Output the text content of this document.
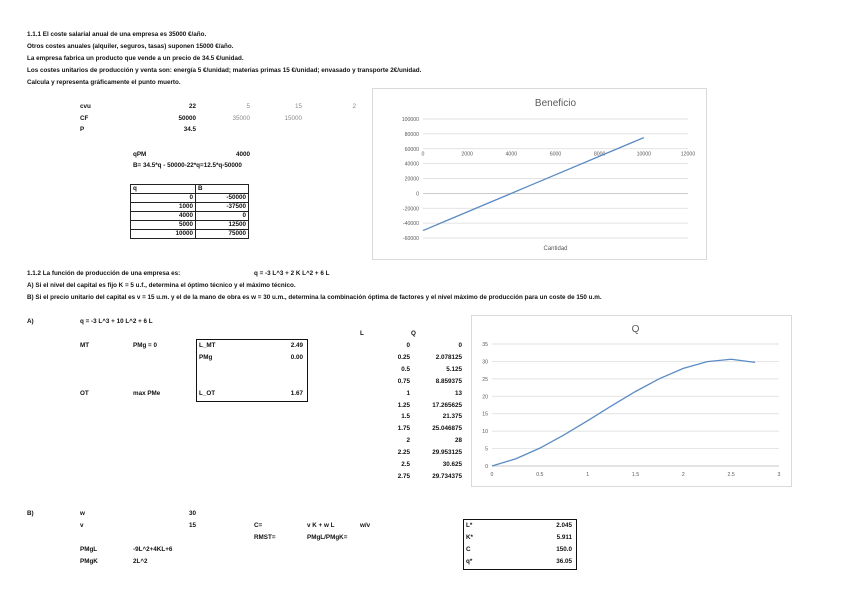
1.1.1 El coste salarial anual de una empresa es 35000 €/año.
Otros costes anuales (alquiler, seguros, tasas) suponen 15000 €/año.
La empresa fabrica un producto que vende a un precio de 34.5 €/unidad.
Los costes unitarios de producción y venta son: energía 5 €/unidad; materias primas 15 €/unidad; envasado y transporte 2€/unidad.
Calcula y representa gráficamente el punto muerto.
cvu	22	5	15	2
CF	50000	35000	15000
P	34.5
qPM	4000
B= 34.5*q - 50000-22*q=12.5*q-50000
q	B
0	-50000
1000	-37500
4000	0
5000	12500
10000	75000
Beneficio
100000
80000
60000
40000
20000
0
-20000
-40000
-60000
0	2000	4000	6000	8000	10000	12000
Cantidad
1.1.2 La función de producción de una empresa es:	q = -3 L^3 + 2 K L^2 + 6 L
A) Si el nivel del capital es fijo K = 5 u.f., determina el óptimo técnico y el máximo técnico.
B) Si el precio unitario del capital es v = 15 u.m. y el de la mano de obra es w = 30 u.m., determina la combinación óptima de factores y el nivel máximo de producción para un coste de 150 u.m.
A)	q = -3 L^3 + 10 L^2 + 6 L
MT	PMg = 0
OT	max PMe
L_MT	2.49
PMg	0.00
L_OT	1.67
L	Q
0	0
0.25	2.078125
0.5	5.125
0.75	8.859375
1	13
1.25	17.265625
1.5	21.375
1.75	25.046875
2	28
2.25	29.953125
2.5	30.625
2.75	29.734375
Q
35
30
25
20
15
10
5
0
0	0.5	1	1.5	2	2.5	3
B)	w	30
v	15	C=	v K + w L	w/v
RMST=	PMgL/PMgK=
PMgL	-9L^2+4KL+6
PMgK	2L^2
L*	2.045
K*	5.911
C	150.0
q*	36.05
